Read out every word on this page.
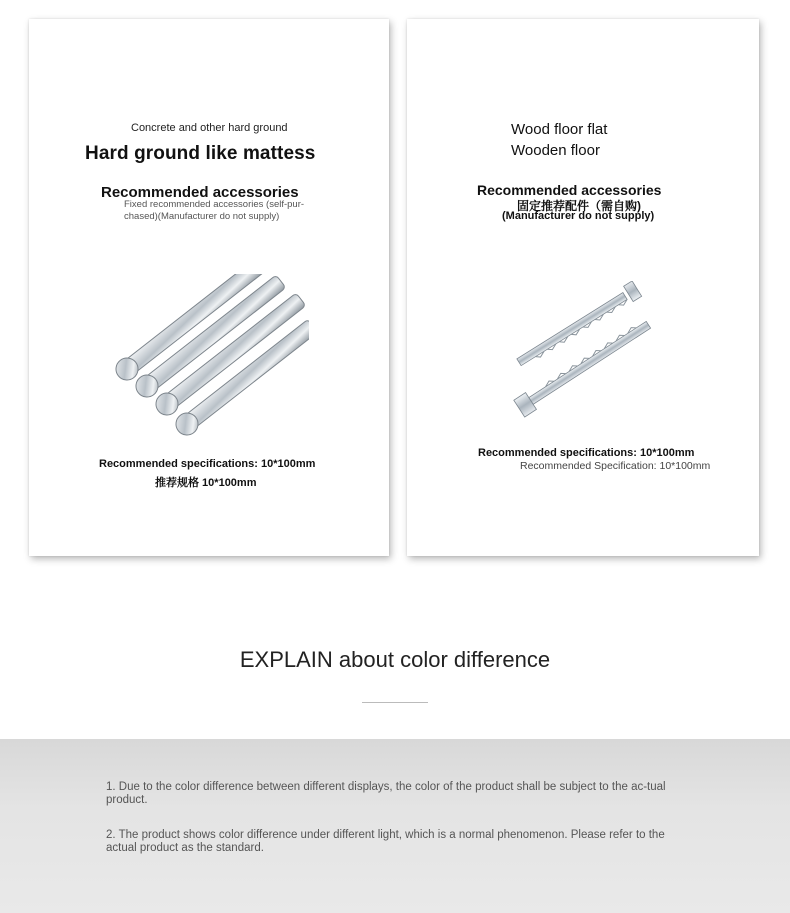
Concrete and other hard ground
Hard ground like mattess
Recommended accessories
Fixed recommended accessories (self-pur-chased)(Manufacturer do not supply)
Recommended specifications: 10*100mm
推荐规格 10*100mm
Wood floor flat
Wooden floor
Recommended accessories
固定推荐配件（需自购)
(Manufacturer do not supply)
Recommended specifications: 10*100mm
Recommended Specification: 10*100mm
EXPLAIN about color difference
1. Due to the color difference between different displays, the color of the product shall be subject to the ac-tual product.
2. The product shows color difference under different light, which is a normal phenomenon. Please refer to the actual product as the standard.
